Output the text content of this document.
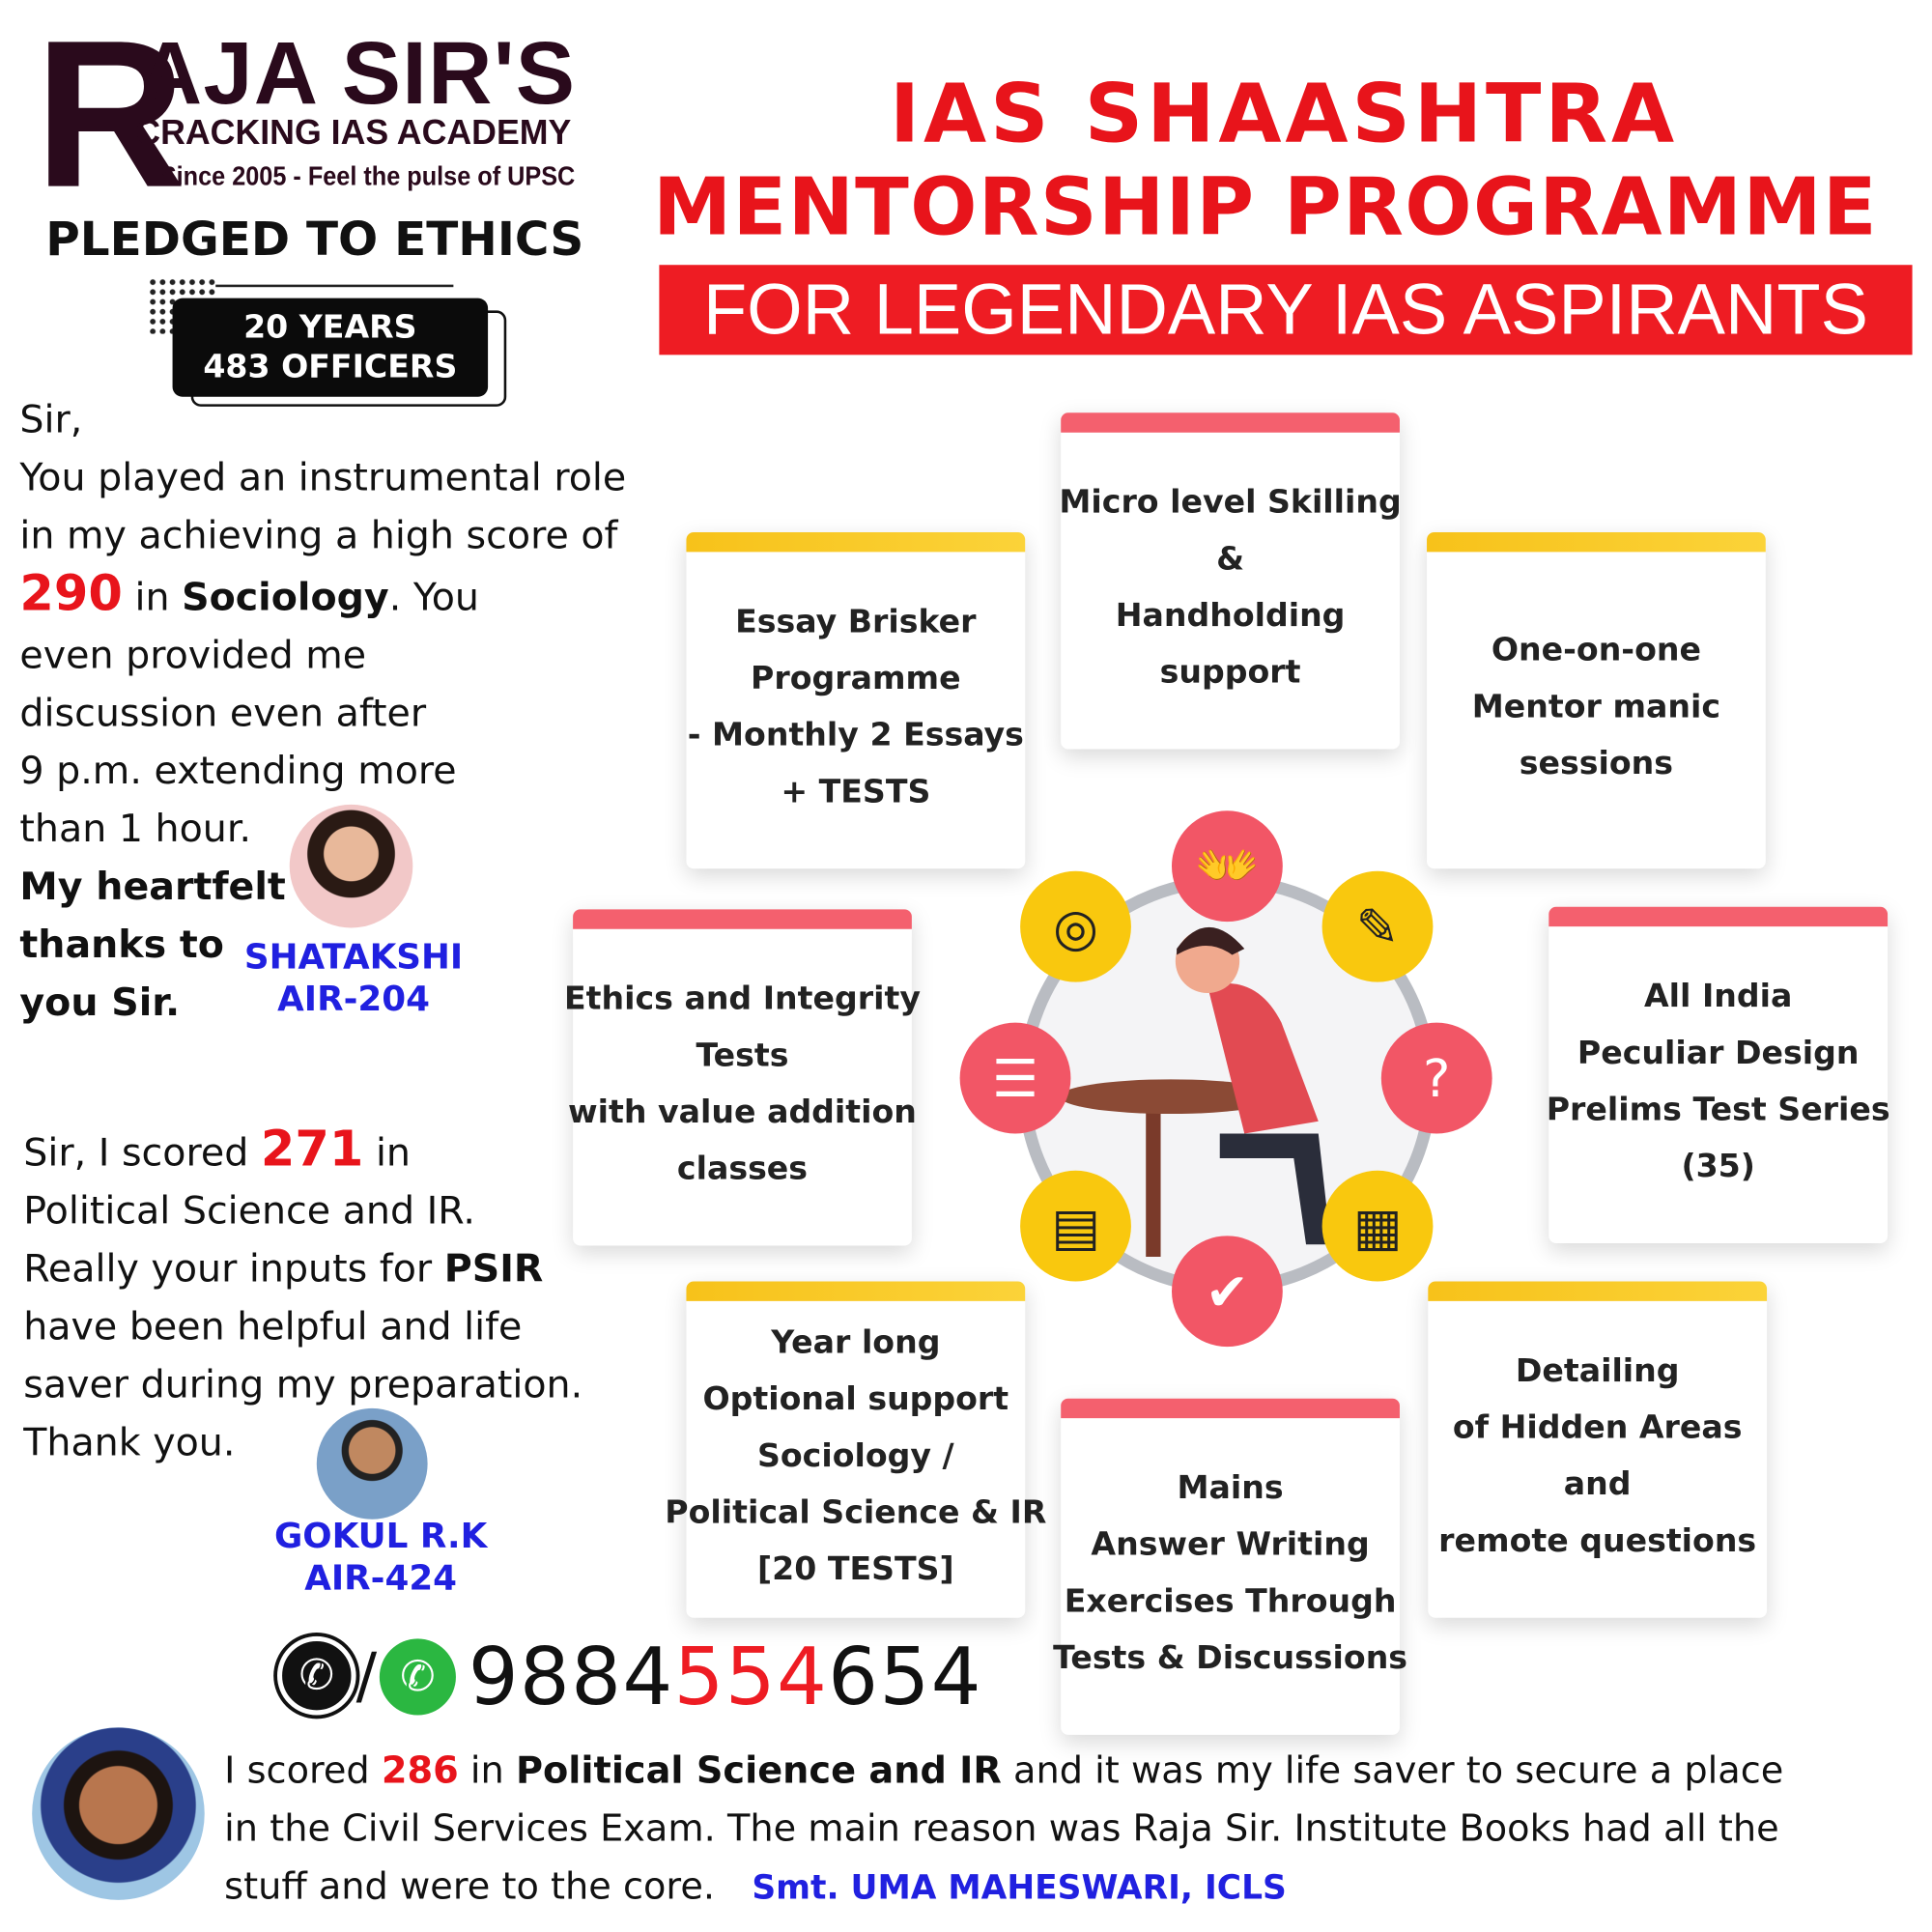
R
AJA SIR'S
CRACKING IAS ACADEMY
Since 2005 - Feel the pulse of UPSC
PLEDGED TO ETHICS
20 YEARS
483 OFFICERS
IAS SHAASHTRA
MENTORSHIP PROGRAMME
FOR LEGENDARY IAS ASPIRANTS
Sir,
You played an instrumental role
in my achieving a high score of
290 in Sociology. You
even provided me
discussion even after
9 p.m. extending more
than 1 hour.
My heartfelt
thanks to
you Sir.
SHATAKSHI
AIR-204
Sir, I scored 271 in
Political Science and IR.
Really your inputs for PSIR
have been helpful and life
saver during my preparation.
Thank you.
GOKUL R.K
AIR-424
✆ / ✆ 9884554654
👐
◎	✎
☰	?
▤	▦
✔
Essay Brisker
Programme
- Monthly 2 Essays
+ TESTS
Micro level Skilling
&
Handholding
support
One-on-one
Mentor manic
sessions
Ethics and Integrity
Tests
with value addition
classes
All India
Peculiar Design
Prelims Test Series
(35)
Year long
Optional support
Sociology /
Political Science & IR
[20 TESTS]
Mains
Answer Writing
Exercises Through
Tests & Discussions
Detailing
of Hidden Areas
and
remote questions
I scored 286 in Political Science and IR and it was my life saver to secure a place
in the Civil Services Exam. The main reason was Raja Sir. Institute Books had all the
stuff and were to the core. Smt. UMA MAHESWARI, ICLS
